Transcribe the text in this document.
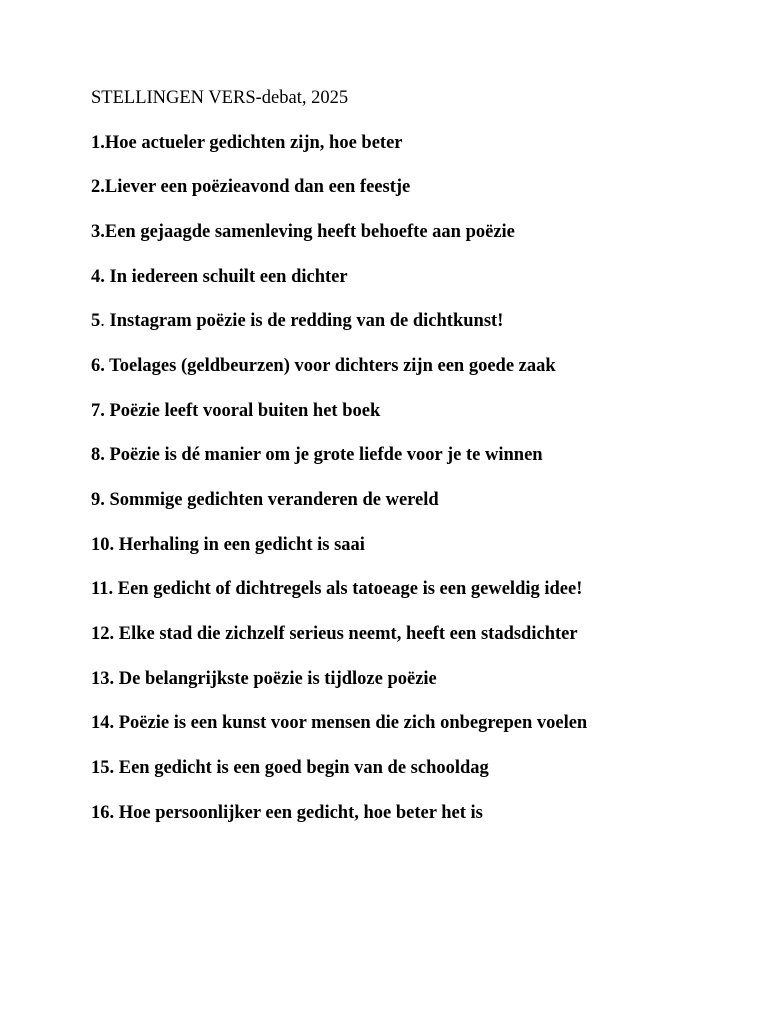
STELLINGEN VERS-debat, 2025
1.Hoe actueler gedichten zijn, hoe beter
2.Liever een poëzieavond dan een feestje
3.Een gejaagde samenleving heeft behoefte aan poëzie
4. In iedereen schuilt een dichter
5. Instagram poëzie is de redding van de dichtkunst!
6. Toelages (geldbeurzen) voor dichters zijn een goede zaak
7. Poëzie leeft vooral buiten het boek
8. Poëzie is dé manier om je grote liefde voor je te winnen
9. Sommige gedichten veranderen de wereld
10. Herhaling in een gedicht is saai
11. Een gedicht of dichtregels als tatoeage is een geweldig idee!
12. Elke stad die zichzelf serieus neemt, heeft een stadsdichter
13. De belangrijkste poëzie is tijdloze poëzie
14. Poëzie is een kunst voor mensen die zich onbegrepen voelen
15. Een gedicht is een goed begin van de schooldag
16. Hoe persoonlijker een gedicht, hoe beter het is
